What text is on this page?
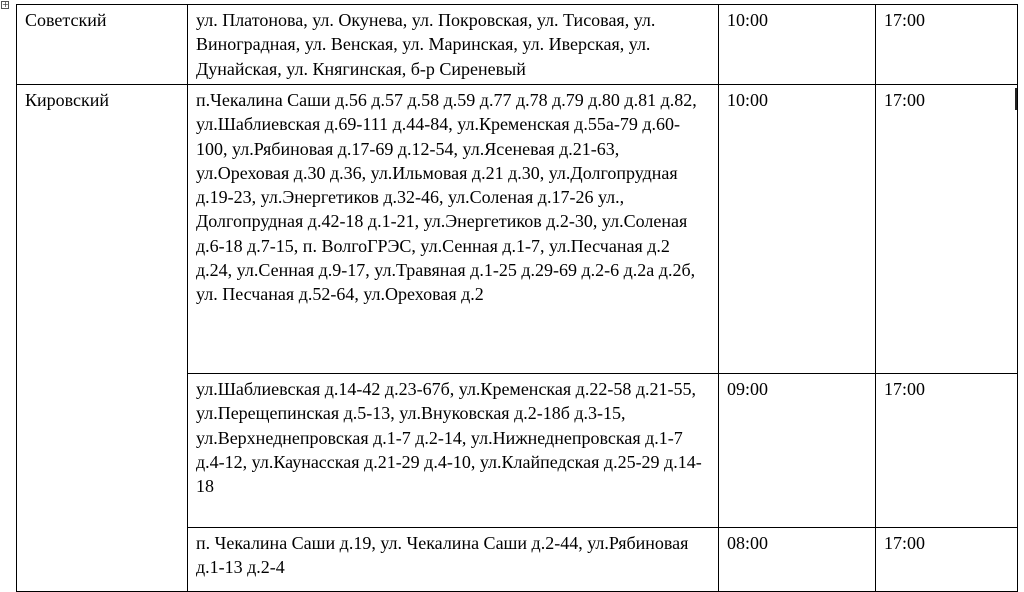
+
Советский	ул. Платонова, ул. Окунева, ул. Покровская, ул. Тисовая, ул. Виноградная, ул. Венская, ул. Маринская, ул. Иверская, ул. Дунайская, ул. Княгинская, б-р Сиреневый	10:00	17:00
Кировский	п.Чекалина Саши д.56 д.57 д.58 д.59 д.77 д.78 д.79 д.80 д.81 д.82, ул.Шаблиевская д.69-111 д.44-84, ул.Кременская д.55а-79 д.60-100, ул.Рябиновая д.17-69 д.12-54, ул.Ясеневая д.21-63, ул.Ореховая д.30 д.36, ул.Ильмовая д.21 д.30, ул.Долгопрудная д.19-23, ул.Энергетиков д.32-46, ул.Соленая д.17-26 ул., Долгопрудная д.42-18 д.1-21, ул.Энергетиков д.2-30, ул.Соленая д.6-18 д.7-15, п. ВолгоГРЭС, ул.Сенная д.1-7, ул.Песчаная д.2 д.24, ул.Сенная д.9-17, ул.Травяная д.1-25 д.29-69 д.2-6 д.2а д.2б, ул. Песчаная д.52-64, ул.Ореховая д.2	10:00	17:00
	ул.Шаблиевская д.14-42 д.23-67б, ул.Кременская д.22-58 д.21-55, ул.Перещепинская д.5-13, ул.Внуковская д.2-18б д.3-15, ул.Верхнеднепровская д.1-7 д.2-14, ул.Нижнеднепровская д.1-7 д.4-12, ул.Каунасская д.21-29 д.4-10, ул.Клайпедская д.25-29 д.14-18	09:00	17:00
	п. Чекалина Саши д.19, ул. Чекалина Саши д.2-44, ул.Рябиновая д.1-13 д.2-4	08:00	17:00
